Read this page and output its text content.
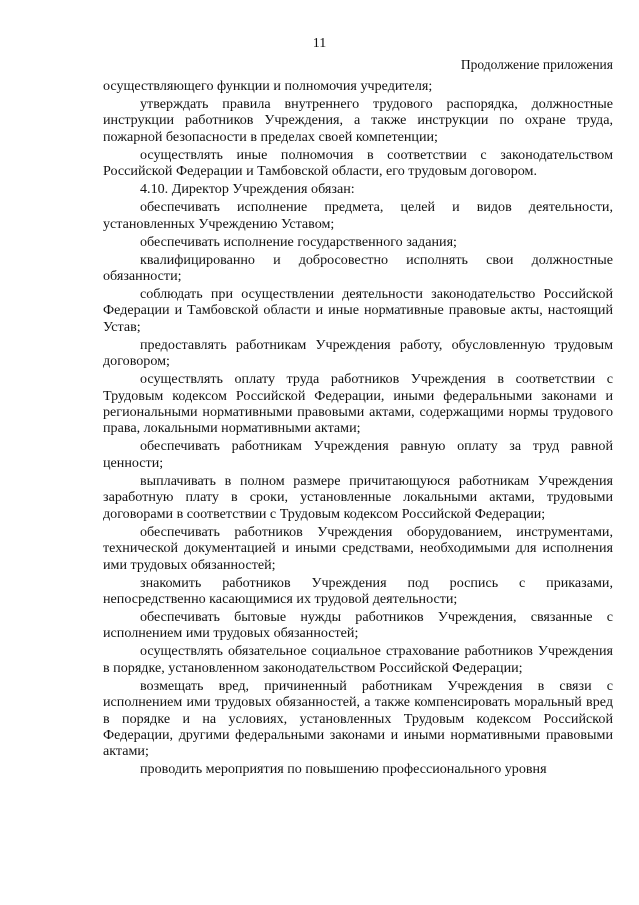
11
Продолжение приложения

осуществляющего функции и полномочия учредителя;

утверждать правила внутреннего трудового распорядка, должностные инструкции работников Учреждения, а также инструкции по охране труда, пожарной безопасности в пределах своей компетенции;

осуществлять иные полномочия в соответствии с законодательством Российской Федерации и Тамбовской области, его трудовым договором.

4.10. Директор Учреждения обязан:

обеспечивать исполнение предмета, целей и видов деятельности, установленных Учреждению Уставом;

обеспечивать исполнение государственного задания;

квалифицированно и добросовестно исполнять свои должностные обязанности;

соблюдать при осуществлении деятельности законодательство Российской Федерации и Тамбовской области и иные нормативные правовые акты, настоящий Устав;

предоставлять работникам Учреждения работу, обусловленную трудовым договором;

осуществлять оплату труда работников Учреждения в соответствии с Трудовым кодексом Российской Федерации, иными федеральными законами и региональными нормативными правовыми актами, содержащими нормы трудового права, локальными нормативными актами;

обеспечивать работникам Учреждения равную оплату за труд равной ценности;

выплачивать в полном размере причитающуюся работникам Учреждения заработную плату в сроки, установленные локальными актами, трудовыми договорами в соответствии с Трудовым кодексом Российской Федерации;

обеспечивать работников Учреждения оборудованием, инструментами, технической документацией и иными средствами, необходимыми для исполнения ими трудовых обязанностей;

знакомить работников Учреждения под роспись с приказами, непосредственно касающимися их трудовой деятельности;

обеспечивать бытовые нужды работников Учреждения, связанные с исполнением ими трудовых обязанностей;

осуществлять обязательное социальное страхование работников Учреждения в порядке, установленном законодательством Российской Федерации;

возмещать вред, причиненный работникам Учреждения в связи с исполнением ими трудовых обязанностей, а также компенсировать моральный вред в порядке и на условиях, установленных Трудовым кодексом Российской Федерации, другими федеральными законами и иными нормативными правовыми актами;

проводить мероприятия по повышению профессионального уровня
